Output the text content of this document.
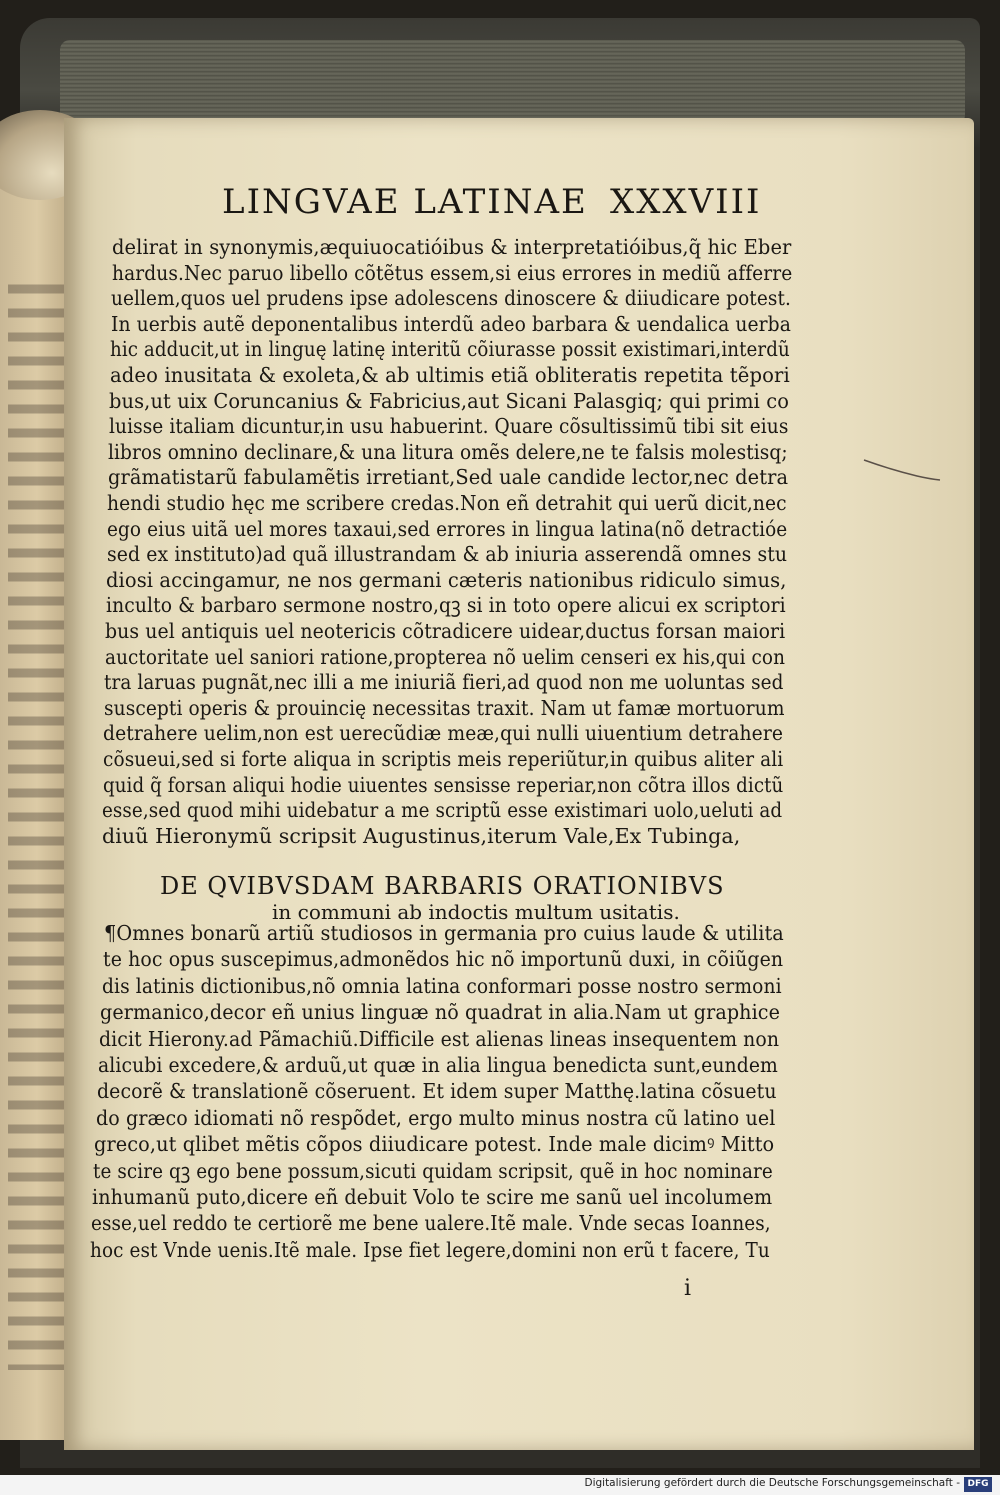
LINGVAE LATINAE XXXVIII
delirat in synonymis,æquiuocatióibus & interpretatióibus,q̃ hic Eber
hardus.Nec paruo libello cõtẽtus essem,si eius errores in mediũ afferre
uellem,quos uel prudens ipse adolescens dinoscere & diiudicare potest.
In uerbis autẽ deponentalibus interdũ adeo barbara & uendalica uerba
hic adducit,ut in linguę latinę interitũ cõiurasse possit existimari,interdũ
adeo inusitata & exoleta,& ab ultimis etiã obliteratis repetita tẽpori
bus,ut uix Coruncanius & Fabricius,aut Sicani Palasgiq; qui primi co
luisse italiam dicuntur,in usu habuerint. Quare cõsultissimũ tibi sit eius
libros omnino declinare,& una litura omẽs delere,ne te falsis molestisq;
grãmatistarũ fabulamẽtis irretiant,Sed uale candide lector,nec detra
hendi studio hęc me scribere credas.Non eñ detrahit qui uerũ dicit,nec
ego eius uitã uel mores taxaui,sed errores in lingua latina(nõ detractióe
sed ex instituto)ad quã illustrandam & ab iniuria asserendã omnes stu
diosi accingamur, ne nos germani cæteris nationibus ridiculo simus,
inculto & barbaro sermone nostro,qꝫ si in toto opere alicui ex scriptori
bus uel antiquis uel neotericis cõtradicere uidear,ductus forsan maiori
auctoritate uel saniori ratione,propterea nõ uelim censeri ex his,qui con
tra laruas pugnãt,nec illi a me iniuriã fieri,ad quod non me uoluntas sed
suscepti operis & prouincię necessitas traxit. Nam ut famæ mortuorum
detrahere uelim,non est uerecũdiæ meæ,qui nulli uiuentium detrahere
cõsueui,sed si forte aliqua in scriptis meis reperiũtur,in quibus aliter ali
quid q̃ forsan aliqui hodie uiuentes sensisse reperiar,non cõtra illos dictũ
esse,sed quod mihi uidebatur a me scriptũ esse existimari uolo,ueluti ad
diuũ Hieronymũ scripsit Augustinus,iterum Vale,Ex Tubinga,
DE QVIBVSDAM BARBARIS ORATIONIBVS
in communi ab indoctis multum usitatis.
¶Omnes bonarũ artiũ studiosos in germania pro cuius laude & utilita
te hoc opus suscepimus,admonẽdos hic nõ importunũ duxi, in cõiũgen
dis latinis dictionibus,nõ omnia latina conformari posse nostro sermoni
germanico,decor eñ unius linguæ nõ quadrat in alia.Nam ut graphice
dicit Hierony.ad Pãmachiũ.Difficile est alienas lineas insequentem non
alicubi excedere,& arduũ,ut quæ in alia lingua benedicta sunt,eundem
decorẽ & translationẽ cõseruent. Et idem super Matthę.latina cõsuetu
do græco idiomati nõ respõdet, ergo multo minus nostra cũ latino uel
greco,ut qlibet mẽtis cõpos diiudicare potest. Inde male dicimꝰ Mitto
te scire qꝫ ego bene possum,sicuti quidam scripsit, quẽ in hoc nominare
inhumanũ puto,dicere eñ debuit Volo te scire me sanũ uel incolumem
esse,uel reddo te certiorẽ me bene ualere.Itẽ male. Vnde secas Ioannes,
hoc est Vnde uenis.Itẽ male. Ipse fiet legere,domini non erũ t facere, Tu
i
Digitalisierung gefördert durch die Deutsche Forschungsgemeinschaft - DFG
